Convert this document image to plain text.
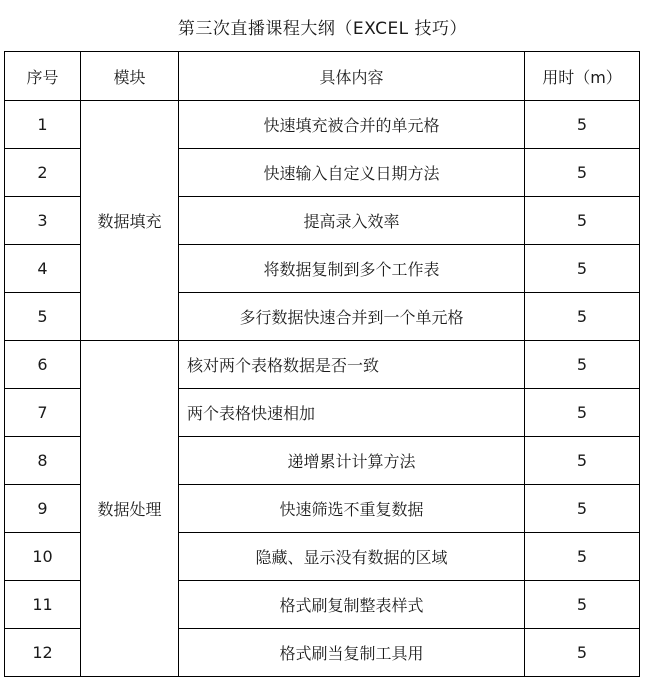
第三次直播课程大纲（EXCEL 技巧）
序号	模块	具体内容	用时（m）
1	数据填充	快速填充被合并的单元格	5
2		快速输入自定义日期方法	5
3		提高录入效率	5
4		将数据复制到多个工作表	5
5		多行数据快速合并到一个单元格	5
6	数据处理	核对两个表格数据是否一致	5
7		两个表格快速相加	5
8		递增累计计算方法	5
9		快速筛选不重复数据	5
10		隐藏、显示没有数据的区域	5
11		格式刷复制整表样式	5
12		格式刷当复制工具用	5
